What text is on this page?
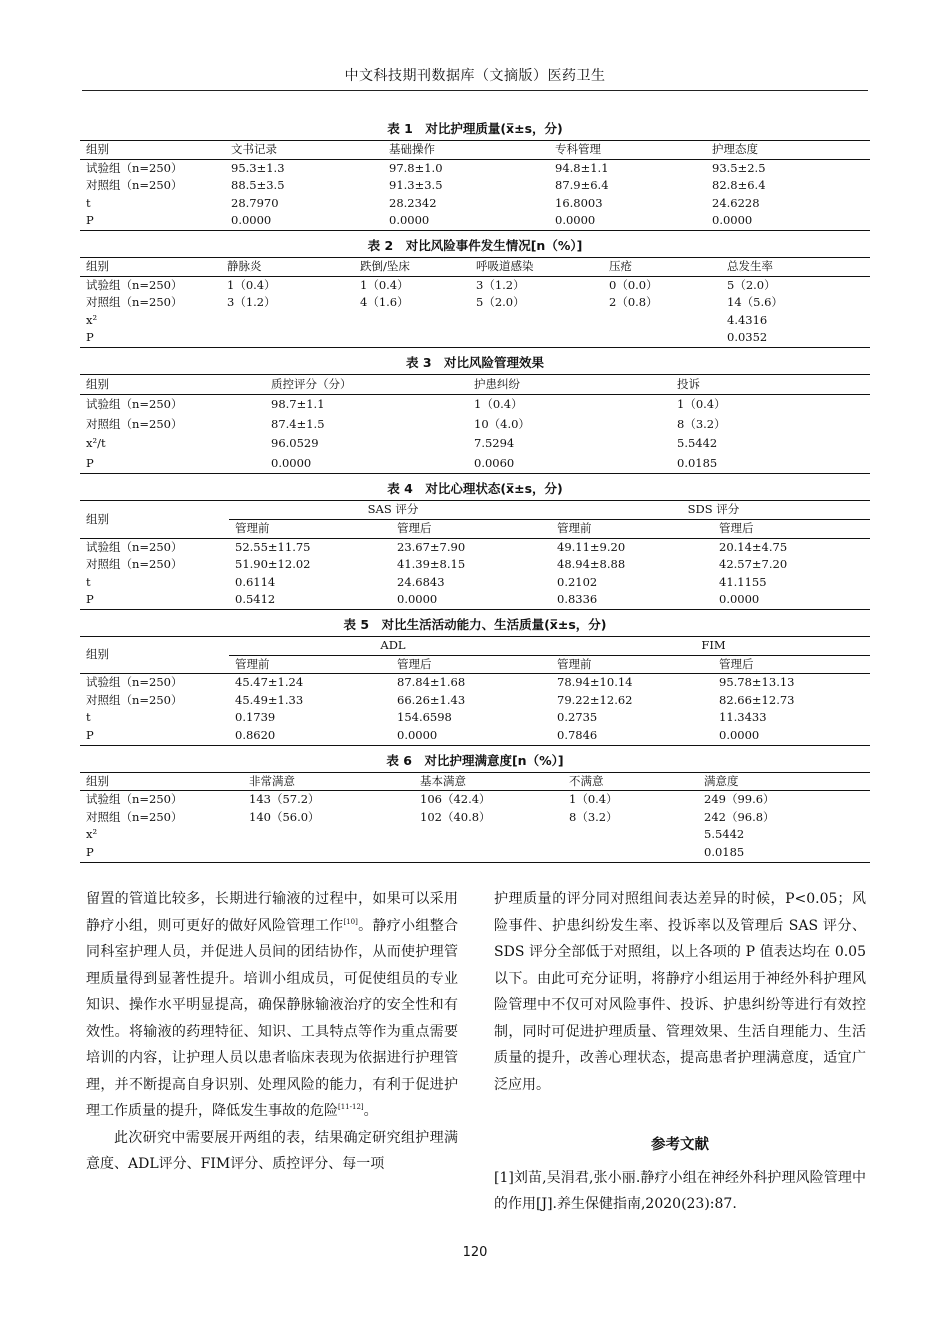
中文科技期刊数据库（文摘版）医药卫生
表 1　对比护理质量(x̅±s，分)
组别	文书记录	基础操作	专科管理	护理态度
试验组（n=250）	95.3±1.3	97.8±1.0	94.8±1.1	93.5±2.5
对照组（n=250）	88.5±3.5	91.3±3.5	87.9±6.4	82.8±6.4
t	28.7970	28.2342	16.8003	24.6228
P	0.0000	0.0000	0.0000	0.0000
表 2　对比风险事件发生情况[n（%）]
组别	静脉炎	跌倒/坠床	呼吸道感染	压疮	总发生率
试验组（n=250）	1（0.4）	1（0.4）	3（1.2）	0（0.0）	5（2.0）
对照组（n=250）	3（1.2）	4（1.6）	5（2.0）	2（0.8）	14（5.6）
x²					4.4316
P					0.0352
表 3　对比风险管理效果
组别	质控评分（分）	护患纠纷	投诉
试验组（n=250）	98.7±1.1	1（0.4）	1（0.4）
对照组（n=250）	87.4±1.5	10（4.0）	8（3.2）
x²/t	96.0529	7.5294	5.5442
P	0.0000	0.0060	0.0185
表 4　对比心理状态(x̅±s，分)
组别	SAS 评分		SDS 评分	
	管理前	管理后	管理前	管理后
试验组（n=250）	52.55±11.75	23.67±7.90	49.11±9.20	20.14±4.75
对照组（n=250）	51.90±12.02	41.39±8.15	48.94±8.88	42.57±7.20
t	0.6114	24.6843	0.2102	41.1155
P	0.5412	0.0000	0.8336	0.0000
表 5　对比生活活动能力、生活质量(x̅±s，分)
组别	ADL		FIM	
	管理前	管理后	管理前	管理后
试验组（n=250）	45.47±1.24	87.84±1.68	78.94±10.14	95.78±13.13
对照组（n=250）	45.49±1.33	66.26±1.43	79.22±12.62	82.66±12.73
t	0.1739	154.6598	0.2735	11.3433
P	0.8620	0.0000	0.7846	0.0000
表 6　对比护理满意度[n（%）]
组别	非常满意	基本满意	不满意	满意度
试验组（n=250）	143（57.2）	106（42.4）	1（0.4）	249（99.6）
对照组（n=250）	140（56.0）	102（40.8）	8（3.2）	242（96.8）
x²				5.5442
P				0.0185

留置的管道比较多，长期进行输液的过程中，如果可以采用静疗小组，则可更好的做好风险管理工作[10]。静疗小组整合同科室护理人员，并促进人员间的团结协作，从而使护理管理质量得到显著性提升。培训小组成员，可促使组员的专业知识、操作水平明显提高，确保静脉输液治疗的安全性和有效性。将输液的药理特征、知识、工具特点等作为重点需要培训的内容，让护理人员以患者临床表现为依据进行护理管理，并不断提高自身识别、处理风险的能力，有利于促进护理工作质量的提升，降低发生事故的危险[11-12]。

此次研究中需要展开两组的表，结果确定研究组护理满意度、ADL评分、FIM评分、质控评分、每一项

护理质量的评分同对照组间表达差异的时候，P<0.05；风险事件、护患纠纷发生率、投诉率以及管理后 SAS 评分、SDS 评分全部低于对照组，以上各项的 P 值表达均在 0.05 以下。由此可充分证明，将静疗小组运用于神经外科护理风险管理中不仅可对风险事件、投诉、护患纠纷等进行有效控制，同时可促进护理质量、管理效果、生活自理能力、生活质量的提升，改善心理状态，提高患者护理满意度，适宜广泛应用。

参考文献

[1]刘苗,吴涓君,张小丽.静疗小组在神经外科护理风险管理中的作用[J].养生保健指南,2020(23):87.

120
